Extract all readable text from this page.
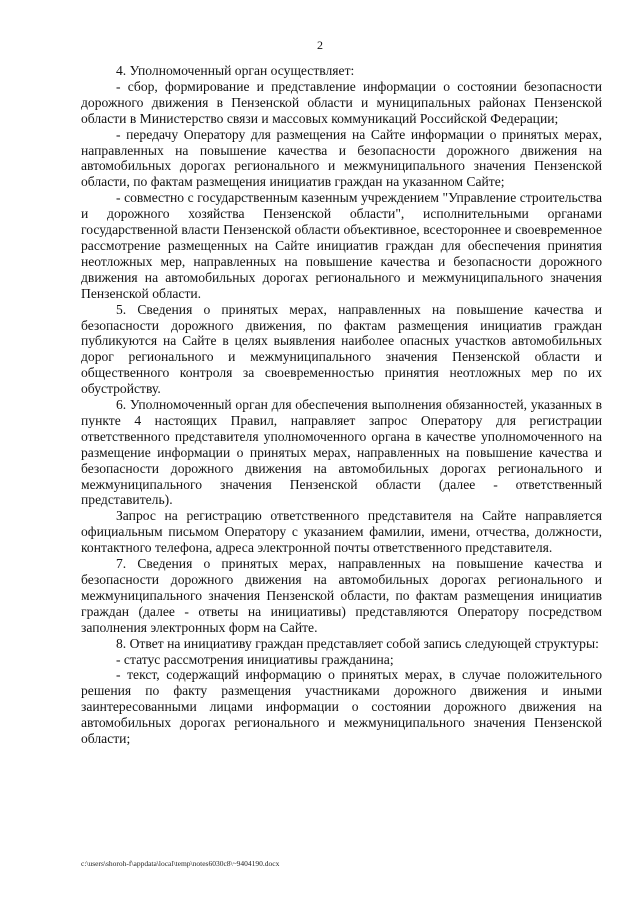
2

4. Уполномоченный орган осуществляет:

- сбор, формирование и представление информации о состоянии безопасности дорожного движения в Пензенской области и муниципальных районах Пензенской области в Министерство связи и массовых коммуникаций Российской Федерации;

- передачу Оператору для размещения на Сайте информации о принятых мерах, направленных на повышение качества и безопасности дорожного движения на автомобильных дорогах регионального и межмуниципального значения Пензенской области, по фактам размещения инициатив граждан на указанном Сайте;

- совместно с государственным казенным учреждением "Управление строительства и дорожного хозяйства Пензенской области", исполнительными органами государственной власти Пензенской области объективное, всестороннее и своевременное рассмотрение размещенных на Сайте инициатив граждан для обеспечения принятия неотложных мер, направленных на повышение качества и безопасности дорожного движения на автомобильных дорогах регионального и межмуниципального значения Пензенской области.

5. Сведения о принятых мерах, направленных на повышение качества и безопасности дорожного движения, по фактам размещения инициатив граждан публикуются на Сайте в целях выявления наиболее опасных участков автомобильных дорог регионального и межмуниципального значения Пензенской области и общественного контроля за своевременностью принятия неотложных мер по их обустройству.

6. Уполномоченный орган для обеспечения выполнения обязанностей, указанных в пункте 4 настоящих Правил, направляет запрос Оператору для регистрации ответственного представителя уполномоченного органа в качестве уполномоченного на размещение информации о принятых мерах, направленных на повышение качества и безопасности дорожного движения на автомобильных дорогах регионального и межмуниципального значения Пензенской области (далее - ответственный представитель).

Запрос на регистрацию ответственного представителя на Сайте направляется официальным письмом Оператору с указанием фамилии, имени, отчества, должности, контактного телефона, адреса электронной почты ответственного представителя.

7. Сведения о принятых мерах, направленных на повышение качества и безопасности дорожного движения на автомобильных дорогах регионального и межмуниципального значения Пензенской области, по фактам размещения инициатив граждан (далее - ответы на инициативы) представляются Оператору посредством заполнения электронных форм на Сайте.

8. Ответ на инициативу граждан представляет собой запись следующей структуры:

- статус рассмотрения инициативы гражданина;

- текст, содержащий информацию о принятых мерах, в случае положительного решения по факту размещения участниками дорожного движения и иными заинтересованными лицами информации о состоянии дорожного движения на автомобильных дорогах регионального и межмуниципального значения Пензенской области;

c:\users\shoroh-f\appdata\local\temp\notes6030c8\~9404190.docx
